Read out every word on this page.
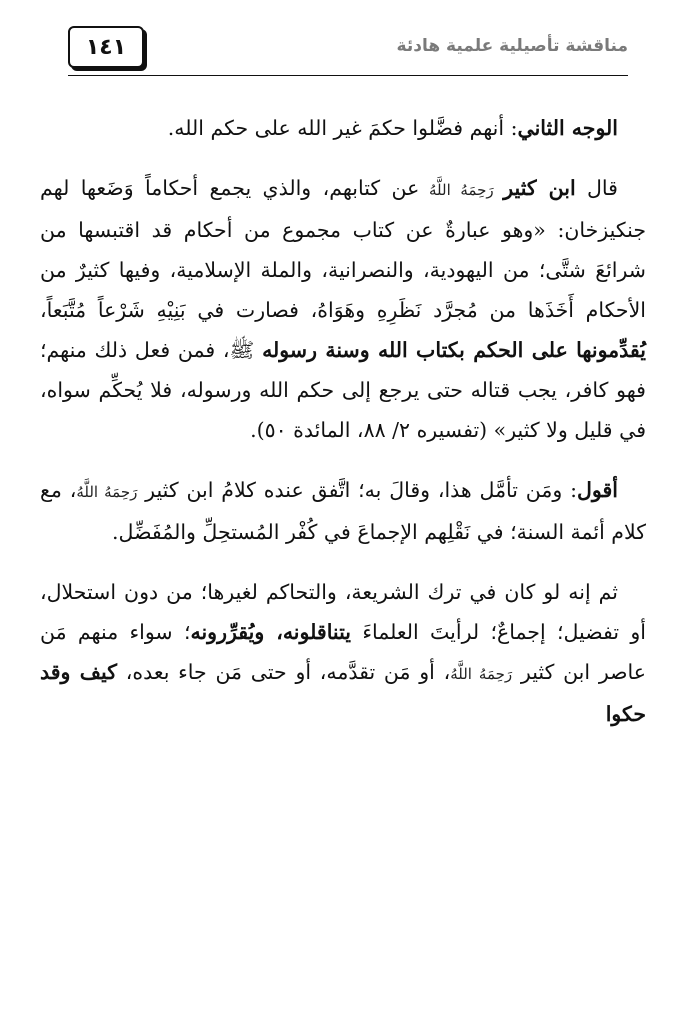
مناقشة تأصيلية علمية هادئة
١٤١

الوجه الثاني: أنهم فضَّلوا حكمَ غير الله على حكم الله.

قال ابن كثير رَحِمَهُ اللَّهُ عن كتابهم، والذي يجمع أحكاماً وَضَعها لهم جنكيزخان: «وهو عبارةٌ عن كتاب مجموع من أحكام قد اقتبسها من شرائعَ شتَّى؛ من اليهودية، والنصرانية، والملة الإسلامية، وفيها كثيرٌ من الأحكام أَخَذَها من مُجرَّد نَظَرِهِ وهَوَاهُ، فصارت في بَنِيْهِ شَرْعاً مُتَّبَعاً، يُقدِّمونها على الحكم بكتاب الله وسنة رسوله ﷺ، فمن فعل ذلك منهم؛ فهو كافر، يجب قتاله حتى يرجع إلى حكم الله ورسوله، فلا يُحكِّم سواه، في قليل ولا كثير» (تفسيره ٢/ ٨٨، المائدة ٥٠).

أقول: ومَن تأمَّل هذا، وقالَ به؛ اتَّفق عنده كلامُ ابن كثير رَحِمَهُ اللَّهُ، مع كلام أئمة السنة؛ في نَقْلِهم الإجماعَ في كُفْر المُستحِلِّ والمُفَضِّل.

ثم إنه لو كان في ترك الشريعة، والتحاكم لغيرها؛ من دون استحلال، أو تفضيل؛ إجماعٌ؛ لرأيتَ العلماءَ يتناقلونه، ويُقرِّرونه؛ سواء منهم مَن عاصر ابن كثير رَحِمَهُ اللَّهُ، أو مَن تقدَّمه، أو حتى مَن جاء بعده، كيف وقد حكوا
